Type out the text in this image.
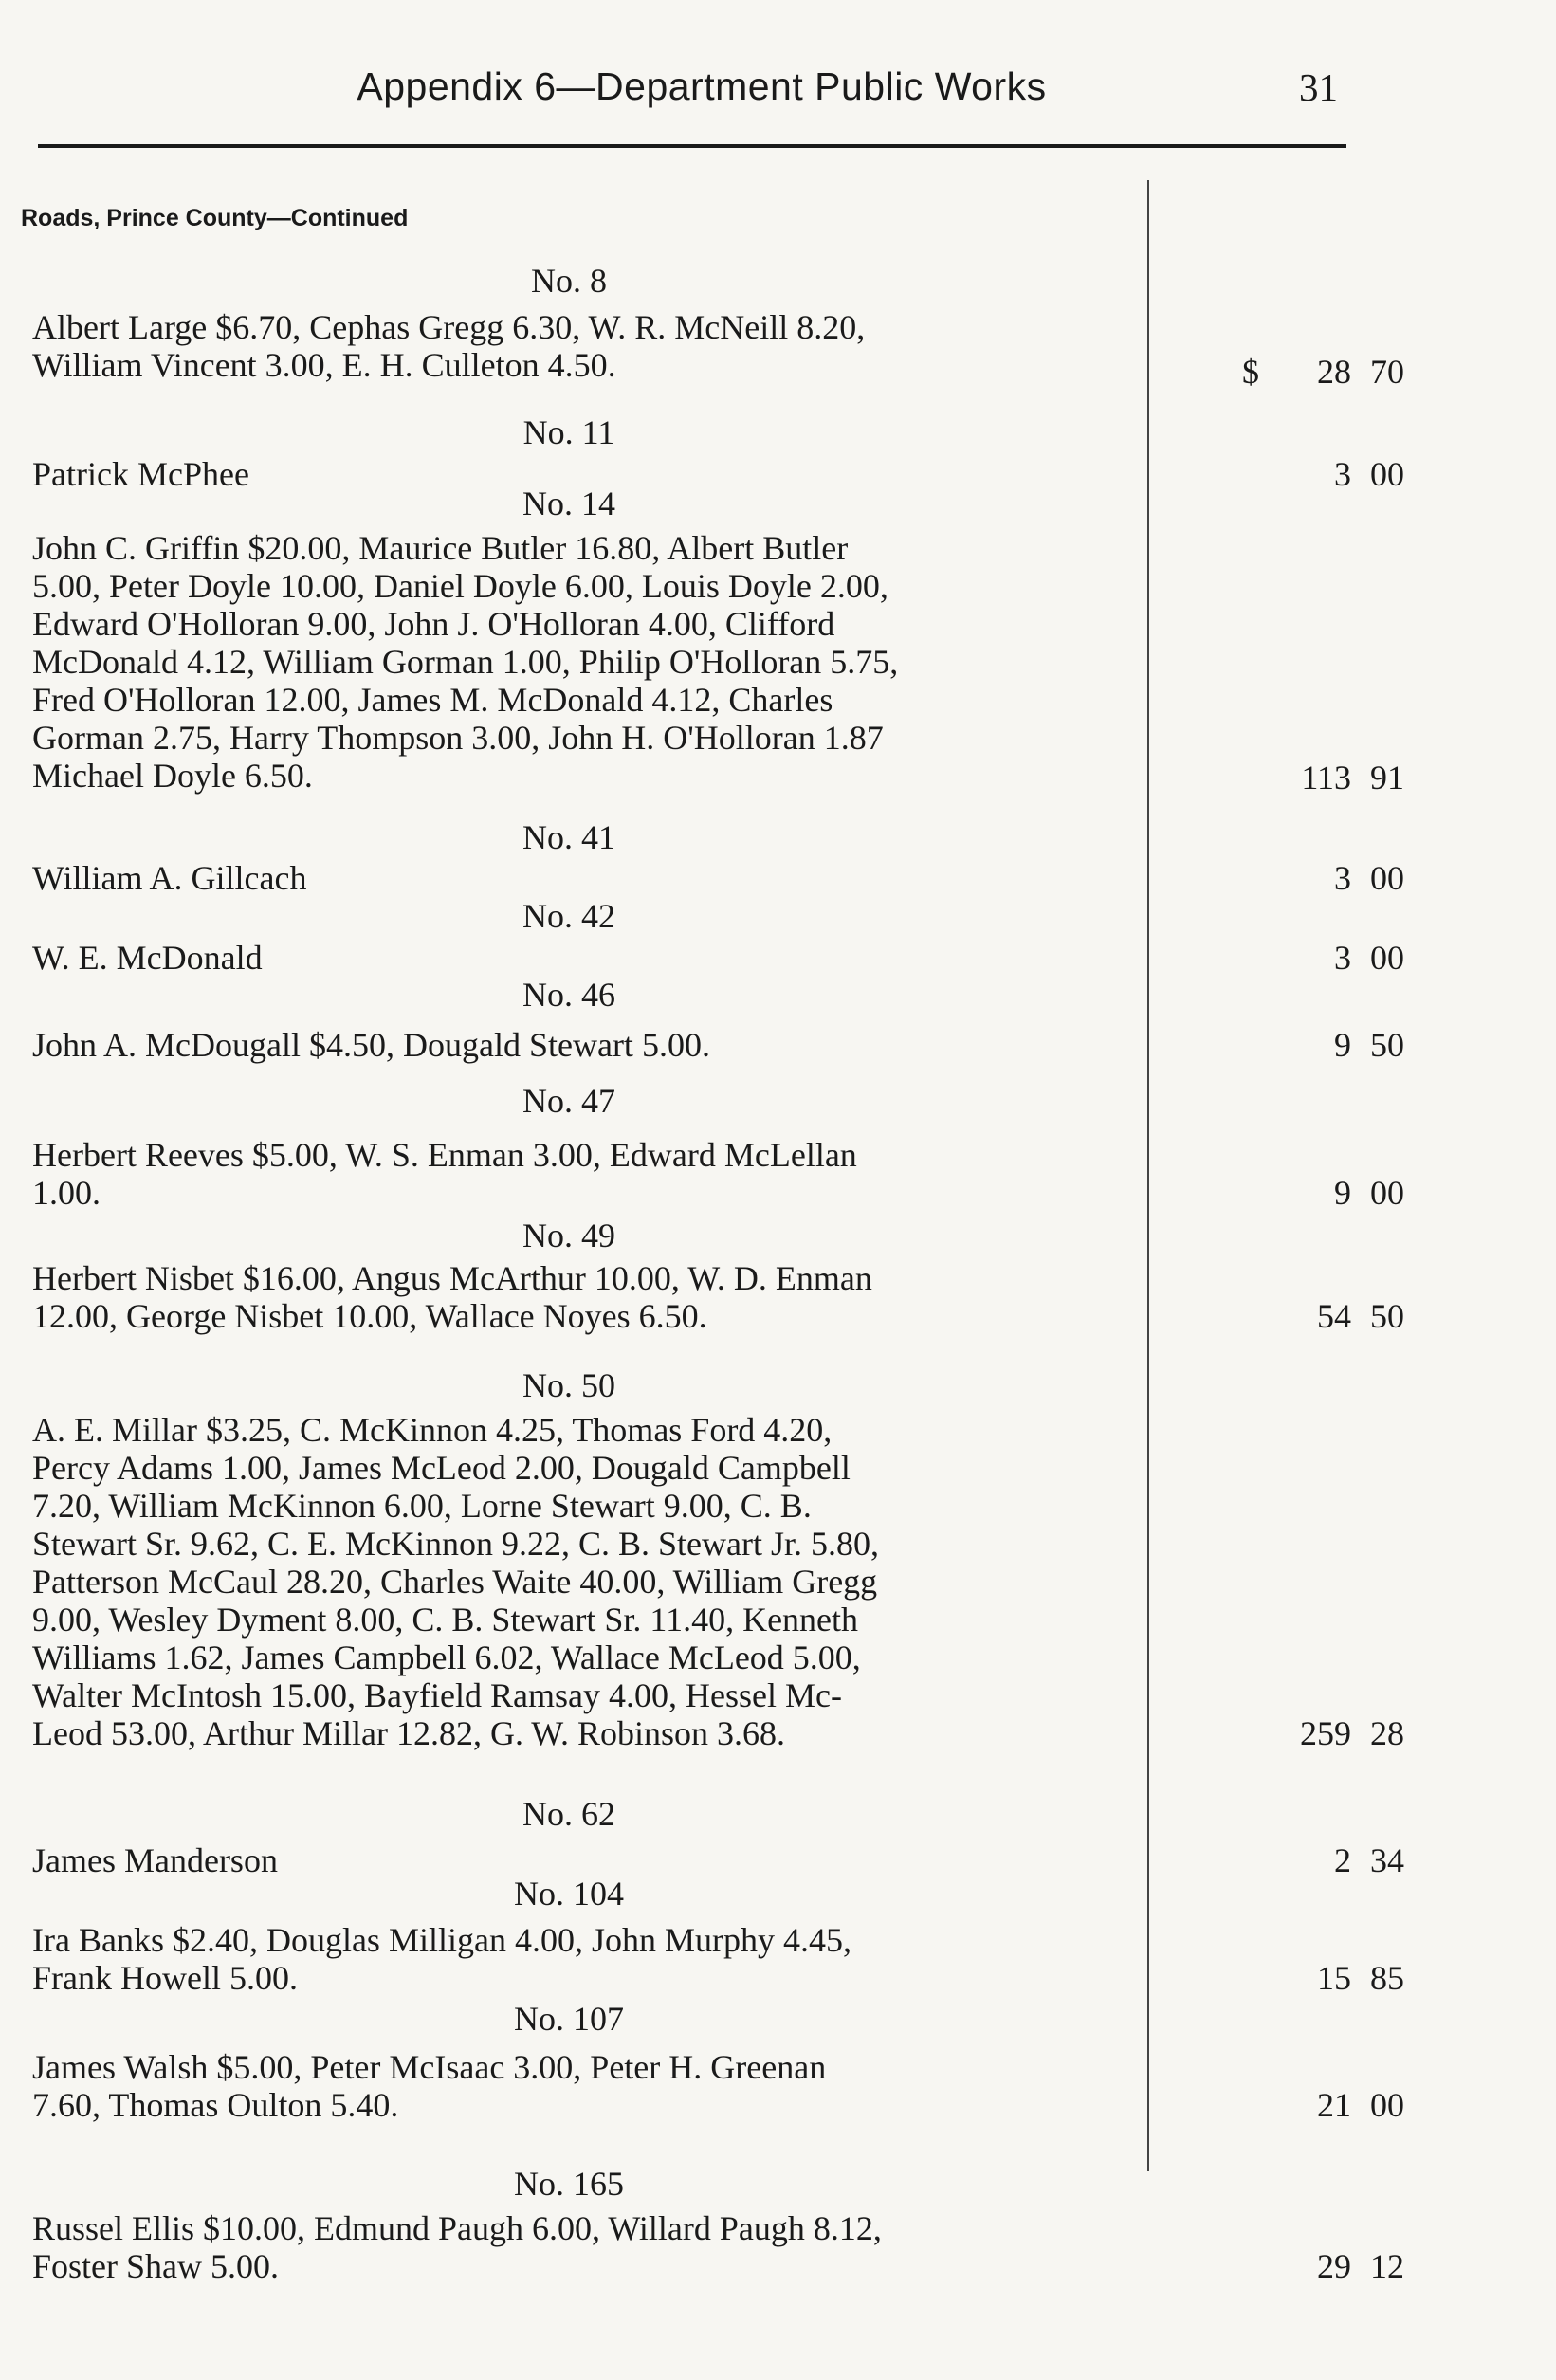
Appendix 6—Department Public Works	31
Roads, Prince County—Continued
No. 8
Albert Large $6.70, Cephas Gregg 6.30, W. R. McNeill 8.20,
William Vincent 3.00, E. H. Culleton 4.50.	$	28 70
No. 11
Patrick McPhee	3 00
No. 14
John C. Griffin $20.00, Maurice Butler 16.80, Albert Butler
5.00, Peter Doyle 10.00, Daniel Doyle 6.00, Louis Doyle 2.00,
Edward O'Holloran 9.00, John J. O'Holloran 4.00, Clifford
McDonald 4.12, William Gorman 1.00, Philip O'Holloran 5.75,
Fred O'Holloran 12.00, James M. McDonald 4.12, Charles
Gorman 2.75, Harry Thompson 3.00, John H. O'Holloran 1.87
Michael Doyle 6.50.	113 91
No. 41
William A. Gillcach	3 00
No. 42
W. E. McDonald	3 00
No. 46
John A. McDougall $4.50, Dougald Stewart 5.00.	9 50
No. 47
Herbert Reeves $5.00, W. S. Enman 3.00, Edward McLellan
1.00.	9 00
No. 49
Herbert Nisbet $16.00, Angus McArthur 10.00, W. D. Enman
12.00, George Nisbet 10.00, Wallace Noyes 6.50.	54 50
No. 50
A. E. Millar $3.25, C. McKinnon 4.25, Thomas Ford 4.20,
Percy Adams 1.00, James McLeod 2.00, Dougald Campbell
7.20, William McKinnon 6.00, Lorne Stewart 9.00, C. B.
Stewart Sr. 9.62, C. E. McKinnon 9.22, C. B. Stewart Jr. 5.80,
Patterson McCaul 28.20, Charles Waite 40.00, William Gregg
9.00, Wesley Dyment 8.00, C. B. Stewart Sr. 11.40, Kenneth
Williams 1.62, James Campbell 6.02, Wallace McLeod 5.00,
Walter McIntosh 15.00, Bayfield Ramsay 4.00, Hessel Mc-
Leod 53.00, Arthur Millar 12.82, G. W. Robinson 3.68.	259 28
No. 62
James Manderson	2 34
No. 104
Ira Banks $2.40, Douglas Milligan 4.00, John Murphy 4.45,
Frank Howell 5.00.	15 85
No. 107
James Walsh $5.00, Peter McIsaac 3.00, Peter H. Greenan
7.60, Thomas Oulton 5.40.	21 00
No. 165
Russel Ellis $10.00, Edmund Paugh 6.00, Willard Paugh 8.12,
Foster Shaw 5.00.	29 12
